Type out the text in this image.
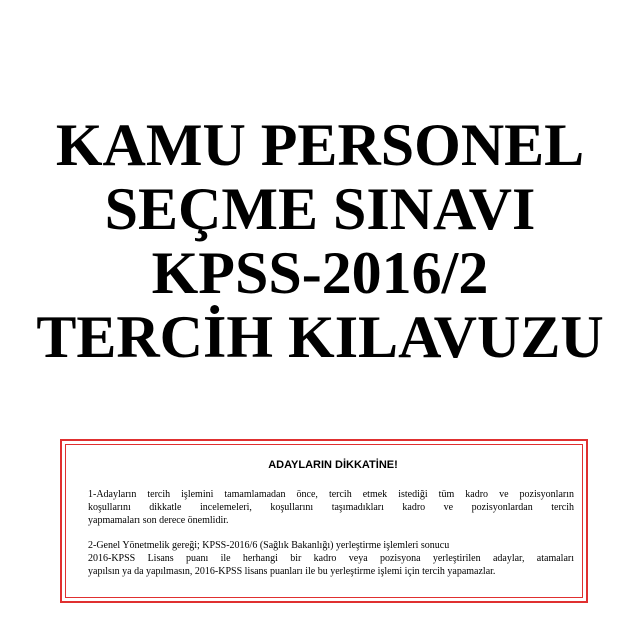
KAMU PERSONEL
SEÇME SINAVI
KPSS-2016/2
TERCİH KILAVUZU
ADAYLARIN DİKKATİNE!
1-Adayların tercih işlemini tamamlamadan önce, tercih etmek istediği tüm kadro ve pozisyonların
koşullarını dikkatle incelemeleri, koşullarını taşımadıkları kadro ve pozisyonlardan tercih
yapmamaları son derece önemlidir.
2-Genel Yönetmelik gereği; KPSS-2016/6 (Sağlık Bakanlığı) yerleştirme işlemleri sonucu
2016-KPSS Lisans puanı ile herhangi bir kadro veya pozisyona yerleştirilen adaylar, atamaları
yapılsın ya da yapılmasın, 2016-KPSS lisans puanları ile bu yerleştirme işlemi için tercih yapamazlar.
